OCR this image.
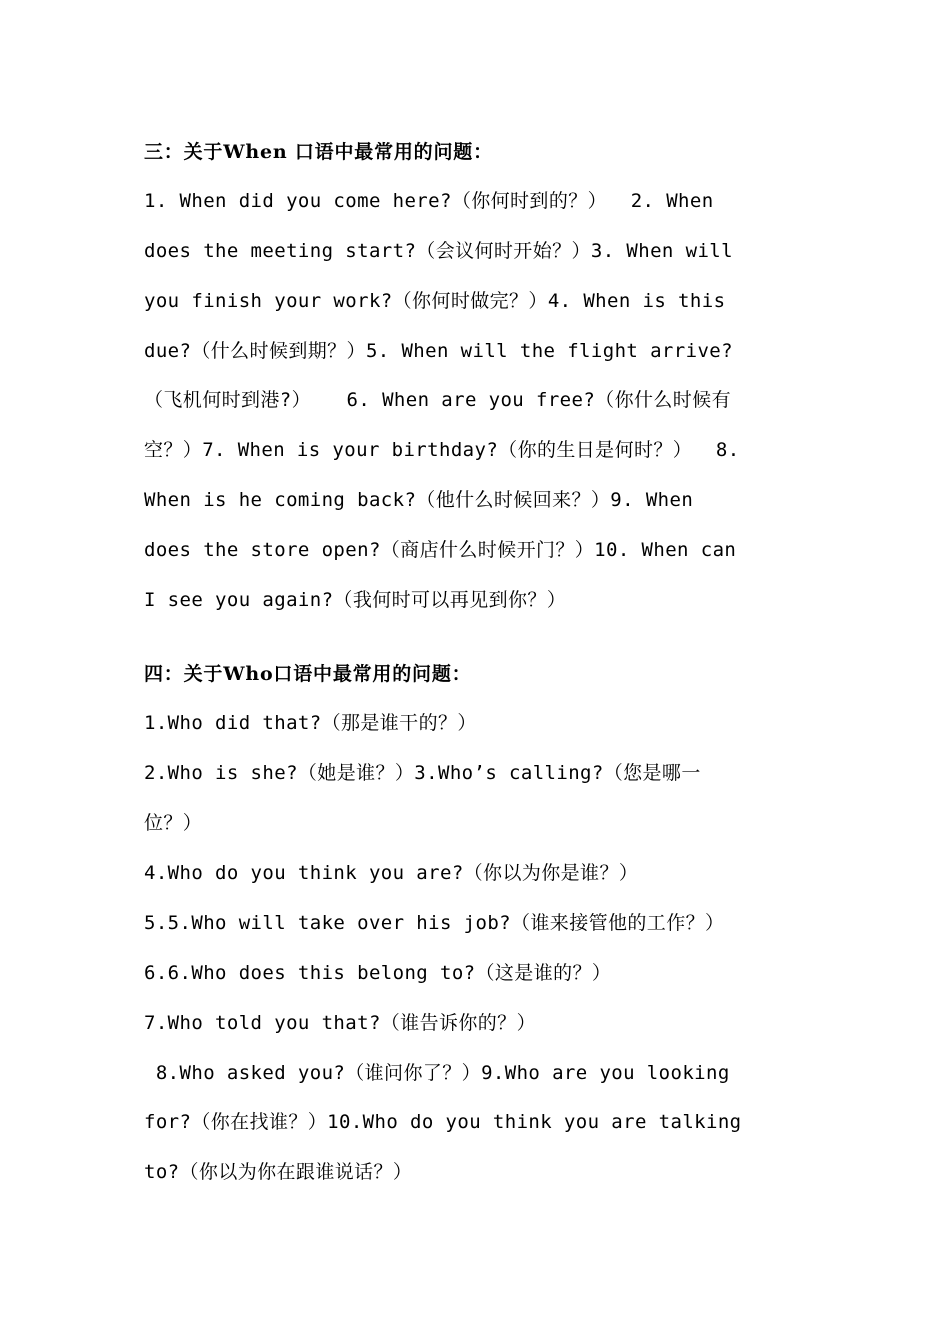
三：关于When 口语中最常用的问题：
1. When did you come here?（你何时到的？）  2. When
does the meeting start?（会议何时开始？）3. When will
you finish your work?（你何时做完？）4. When is this
due?（什么时候到期？）5. When will the flight arrive?
（飞机何时到港?）   6. When are you free?（你什么时候有
空？）7. When is your birthday?（你的生日是何时？）  8.
When is he coming back?（他什么时候回来？）9. When
does the store open?（商店什么时候开门？）10. When can
I see you again?（我何时可以再见到你？）
四：关于Who口语中最常用的问题：
1.Who did that?（那是谁干的？）
2.Who is she?（她是谁？）3.Who’s calling?（您是哪一
位？）
4.Who do you think you are?（你以为你是谁？）
5.5.Who will take over his job?（谁来接管他的工作？）
6.6.Who does this belong to?（这是谁的？）
7.Who told you that?（谁告诉你的？）
8.Who asked you?（谁问你了？）9.Who are you looking
for?（你在找谁？）10.Who do you think you are talking
to?（你以为你在跟谁说话？）
